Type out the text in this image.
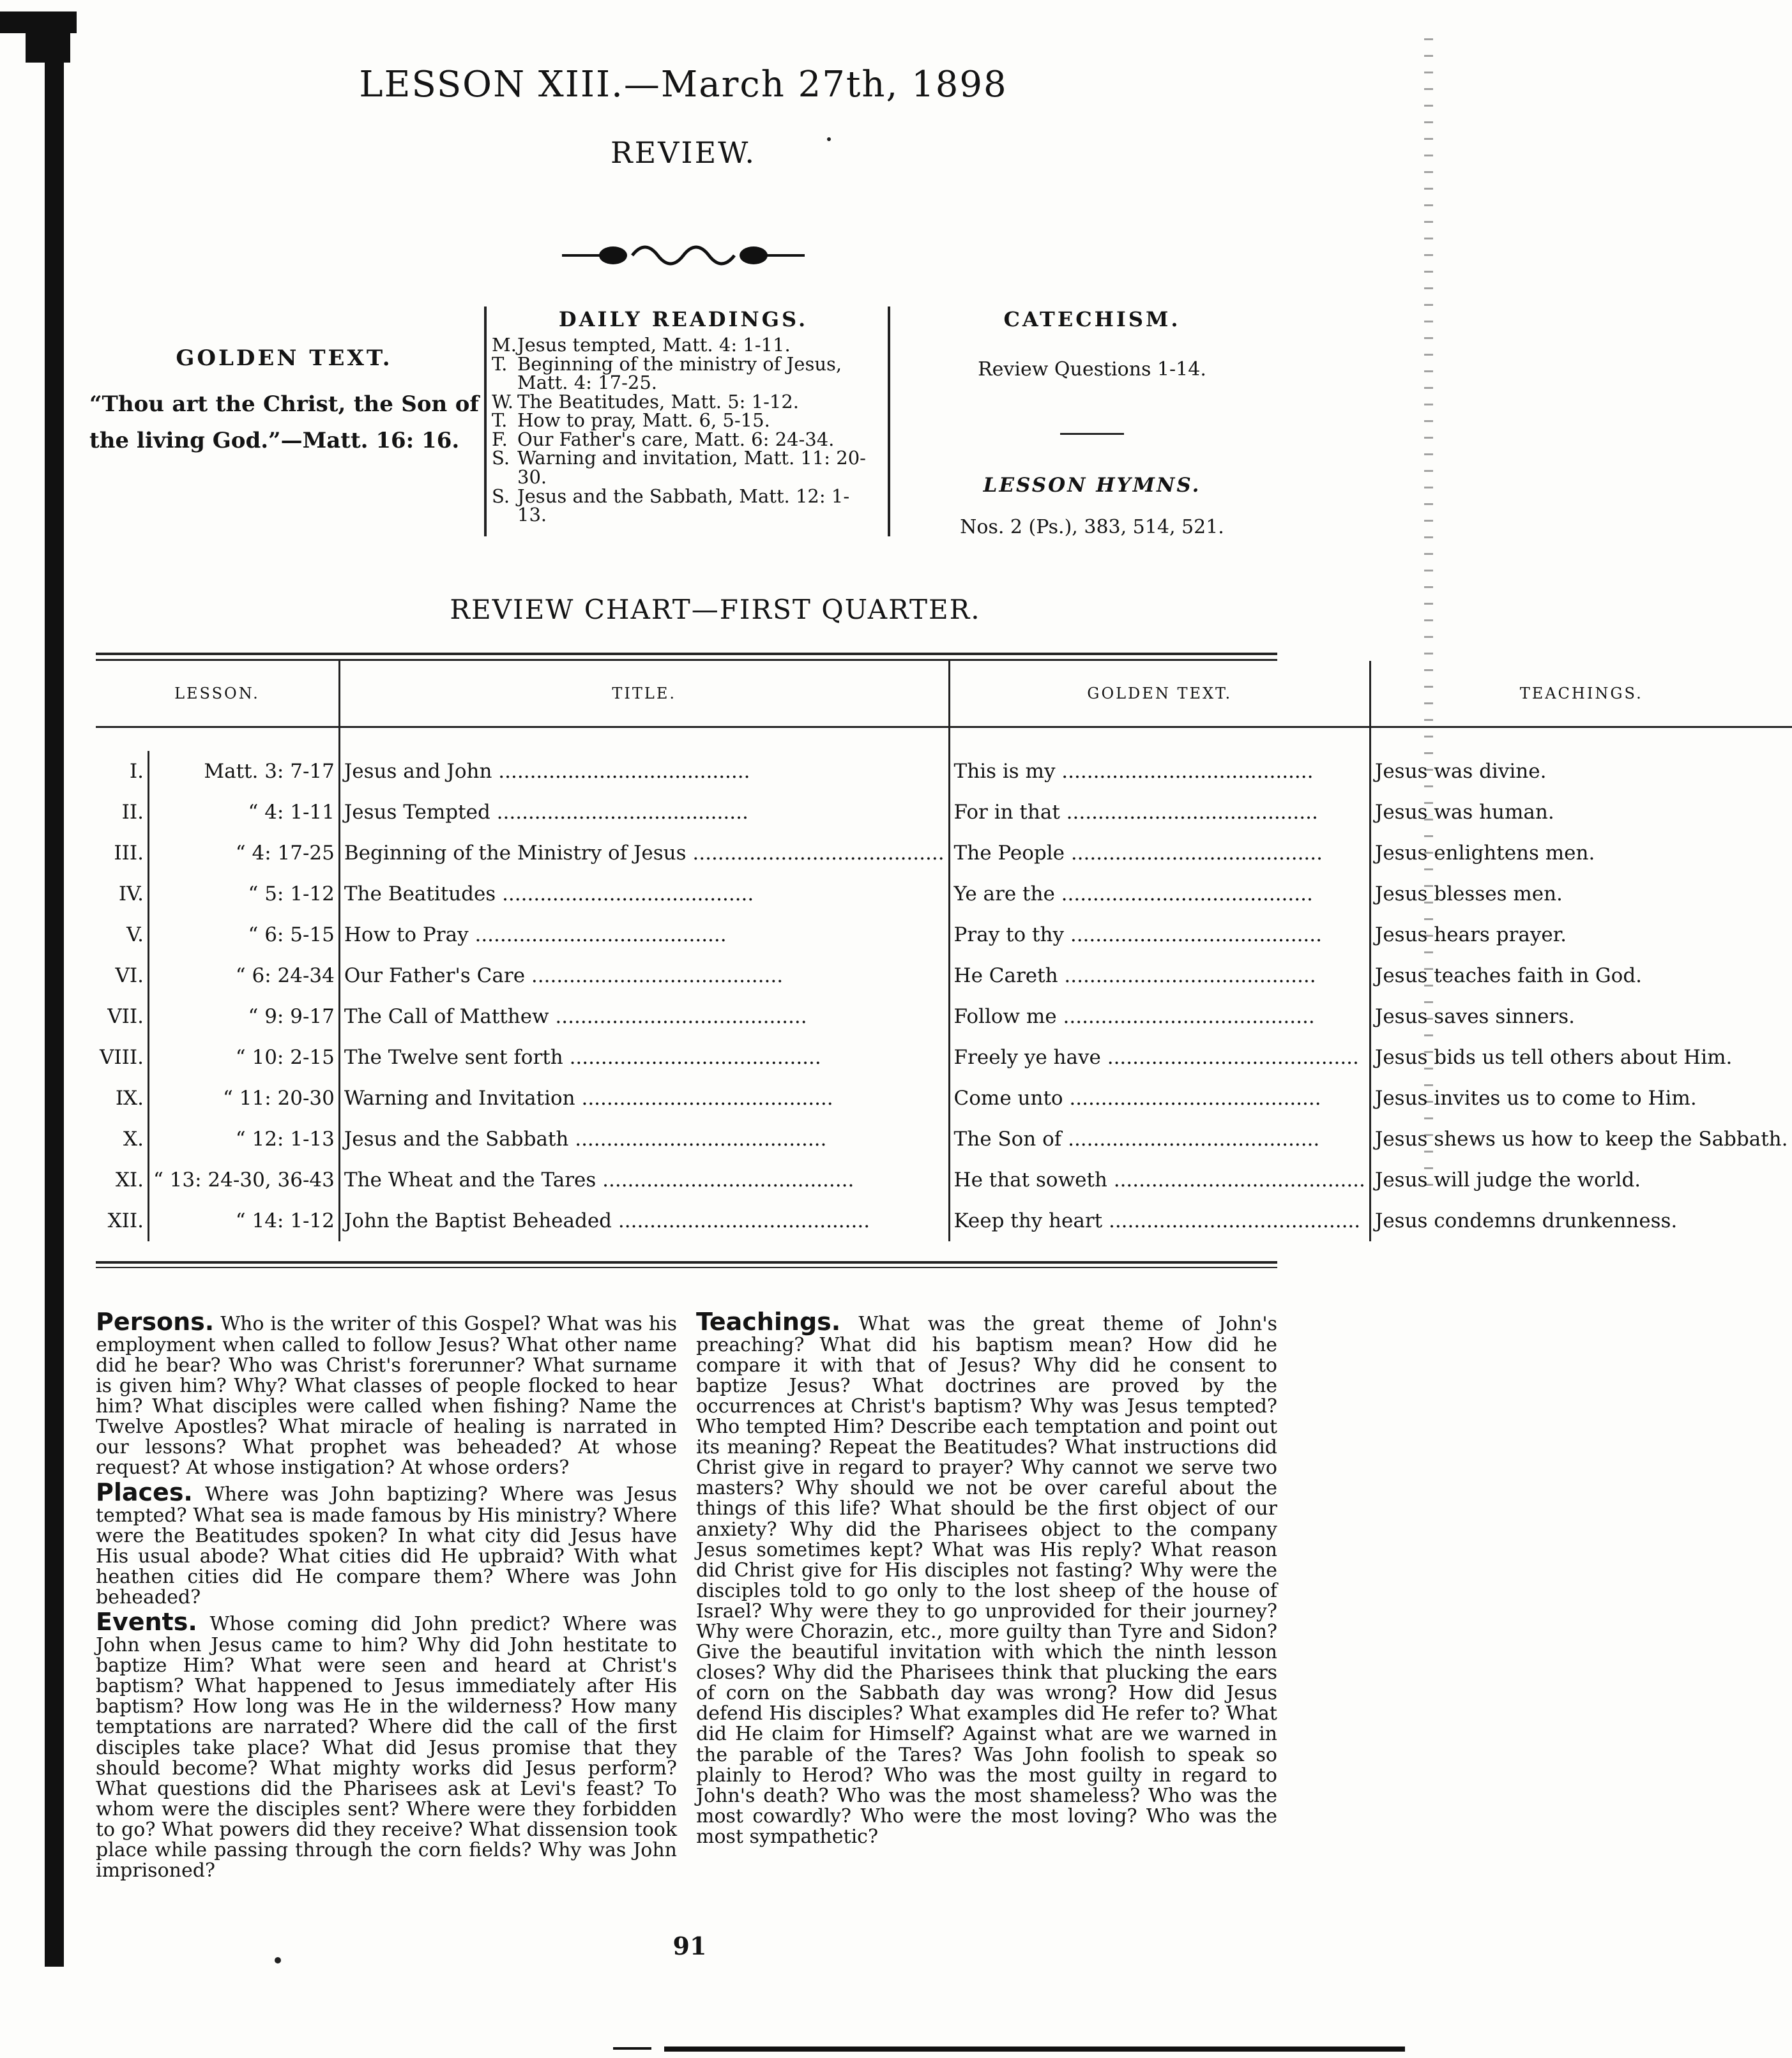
LESSON XIII.—March 27th, 1898
REVIEW.
GOLDEN TEXT.
“Thou art the Christ, the Son of the living God.”—Matt. 16: 16.
DAILY READINGS.
M. Jesus tempted, Matt. 4: 1-11.
T. Beginning of the ministry of Jesus, Matt. 4: 17-25.
W. The Beatitudes, Matt. 5: 1-12.
T. How to pray, Matt. 6, 5-15.
F. Our Father's care, Matt. 6: 24-34.
S. Warning and invitation, Matt. 11: 20-30.
S. Jesus and the Sabbath, Matt. 12: 1-13.
CATECHISM.
Review Questions 1-14.
LESSON HYMNS.
Nos. 2 (Ps.), 383, 514, 521.
REVIEW CHART—FIRST QUARTER.
LESSON.		TITLE.	GOLDEN TEXT.	TEACHINGS.

I.	Matt. 3: 7-17	Jesus and John .....	This is my .....	Jesus was divine.
II.	“ 4: 1-11	Jesus Tempted .....	For in that .....	Jesus was human.
III.	“ 4: 17-25	Beginning of the Ministry of Jesus .....	The People .....	Jesus enlightens men.
IV.	“ 5: 1-12	The Beatitudes .....	Ye are the .....	Jesus blesses men.
V.	“ 6: 5-15	How to Pray .....	Pray to thy .....	Jesus hears prayer.
VI.	“ 6: 24-34	Our Father's Care .....	He Careth .....	Jesus teaches faith in God.
VII.	“ 9: 9-17	The Call of Matthew .....	Follow me .....	Jesus saves sinners.
VIII.	“ 10: 2-15	The Twelve sent forth .....	Freely ye have .....	Jesus bids us tell others about Him.
IX.	“ 11: 20-30	Warning and Invitation .....	Come unto .....	Jesus invites us to come to Him.
X.	“ 12: 1-13	Jesus and the Sabbath .....	The Son of .....	Jesus shews us how to keep the Sabbath.
XI.	“ 13: 24-30, 36-43	The Wheat and the Tares .....	He that soweth .....	Jesus will judge the world.
XII.	“ 14: 1-12	John the Baptist Beheaded .....	Keep thy heart .....	Jesus condemns drunkenness.
Persons. Who is the writer of this Gospel? What was his employment when called to follow Jesus? What other name did he bear? Who was Christ's forerunner? What surname is given him? Why? What classes of people flocked to hear him? What disciples were called when fishing? Name the Twelve Apostles? What miracle of healing is narrated in our lessons? What prophet was beheaded? At whose request? At whose instigation? At whose orders?
Places. Where was John baptizing? Where was Jesus tempted? What sea is made famous by His ministry? Where were the Beatitudes spoken? In what city did Jesus have His usual abode? What cities did He upbraid? With what heathen cities did He compare them? Where was John beheaded?
Events. Whose coming did John predict? Where was John when Jesus came to him? Why did John hestitate to baptize Him? What were seen and heard at Christ's baptism? What happened to Jesus immediately after His baptism? How long was He in the wilderness? How many temptations are narrated? Where did the call of the first disciples take place? What did Jesus promise that they should become? What mighty works did Jesus perform? What questions did the Pharisees ask at Levi's feast? To whom were the disciples sent? Where were they forbidden to go? What powers did they receive? What dissension took place while passing through the corn fields? Why was John imprisoned?
Teachings. What was the great theme of John's preaching? What did his baptism mean? How did he compare it with that of Jesus? Why did he consent to baptize Jesus? What doctrines are proved by the occurrences at Christ's baptism? Why was Jesus tempted? Who tempted Him? Describe each temptation and point out its meaning? Repeat the Beatitudes? What instructions did Christ give in regard to prayer? Why cannot we serve two masters? Why should we not be over careful about the things of this life? What should be the first object of our anxiety? Why did the Pharisees object to the company Jesus sometimes kept? What was His reply? What reason did Christ give for His disciples not fasting? Why were the disciples told to go only to the lost sheep of the house of Israel? Why were they to go unprovided for their journey? Why were Chorazin, etc., more guilty than Tyre and Sidon? Give the beautiful invitation with which the ninth lesson closes? Why did the Pharisees think that plucking the ears of corn on the Sabbath day was wrong? How did Jesus defend His disciples? What examples did He refer to? What did He claim for Himself? Against what are we warned in the parable of the Tares? Was John foolish to speak so plainly to Herod? Who was the most guilty in regard to John's death? Who was the most shameless? Who was the most cowardly? Who were the most loving? Who was the most sympathetic?
91
